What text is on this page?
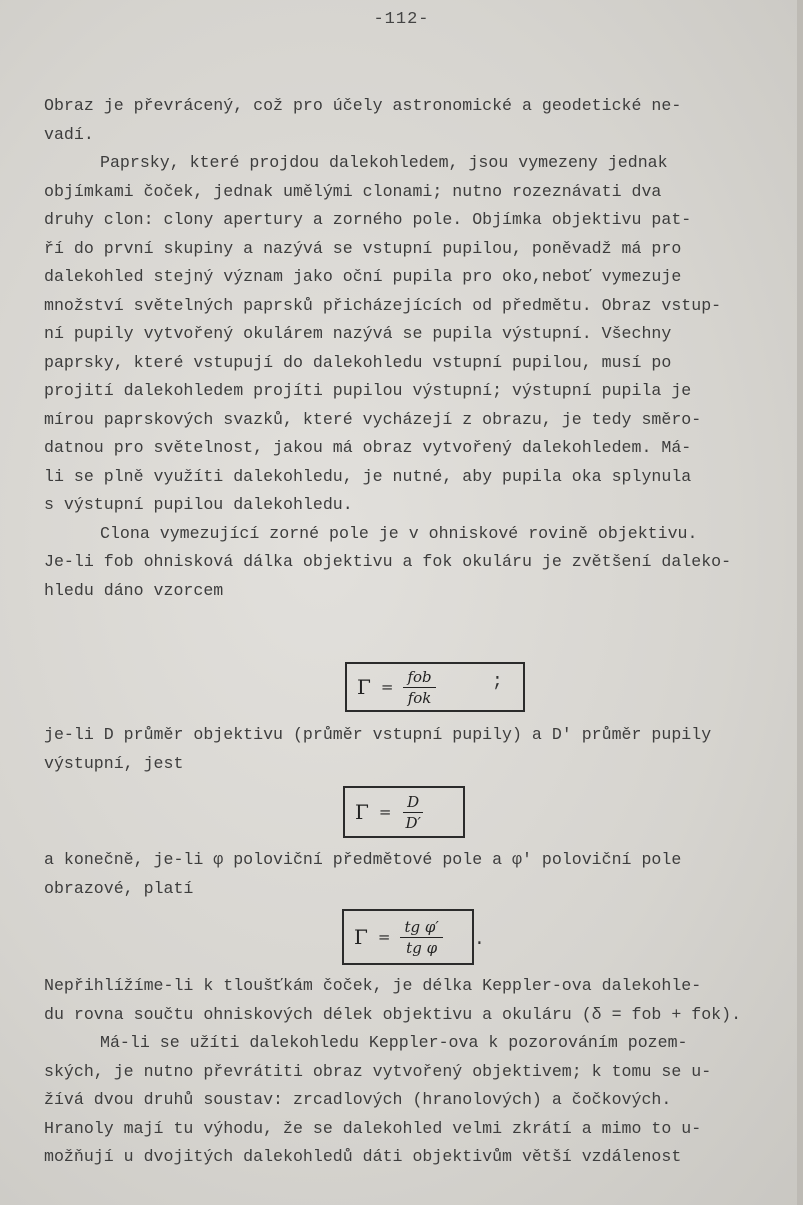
-112-
Obraz je převrácený, což pro účely astronomické a geodetické ne-
vadí.
Paprsky, které projdou dalekohledem, jsou vymezeny jednak
objímkami čoček, jednak umělými clonami; nutno rozeznávati dva
druhy clon: clony apertury a zorného pole. Objímka objektivu pat-
ří do první skupiny a nazývá se vstupní pupilou, poněvadž má pro
dalekohled stejný význam jako oční pupila pro oko,neboť vymezuje
množství světelných paprsků přicházejících od předmětu. Obraz vstup-
ní pupily vytvořený okulárem nazývá se pupila výstupní. Všechny
paprsky, které vstupují do dalekohledu vstupní pupilou, musí po
projití dalekohledem projíti pupilou výstupní; výstupní pupila je
mírou paprskových svazků, které vycházejí z obrazu, je tedy směro-
datnou pro světelnost, jakou má obraz vytvořený dalekohledem. Má-
li se plně využíti dalekohledu, je nutné, aby pupila oka splynula
s výstupní pupilou dalekohledu.
Clona vymezující zorné pole je v ohniskové rovině objektivu.
Je-li fob ohnisková dálka objektivu a fok okuláru je zvětšení daleko-
hledu dáno vzorcem
$\Gamma = \frac{\text{fob}}{\text{fok}}$	;
je-li D průměr objektivu (průměr vstupní pupily) a D′ průměr pupily
výstupní, jest
$\Gamma = \frac{D}{D'}$
a konečně, je-li φ poloviční předmětové pole a φ′ poloviční pole
obrazové, platí
$\Gamma = \frac{\text{tg φ′}}{\text{tg φ}}$ .
Nepřihlížíme-li k tloušťkám čoček, je délka Keppler-ova dalekohle-
du rovna součtu ohniskových délek objektivu a okuláru (δ = fob + fok).
Má-li se užíti dalekohledu Keppler-ova k pozorováním pozem-
ských, je nutno převrátiti obraz vytvořený objektivem; k tomu se u-
žívá dvou druhů soustav: zrcadlových (hranolových) a čočkových.
Hranoly mají tu výhodu, že se dalekohled velmi zkrátí a mimo to u-
možňují u dvojitých dalekohledů dáti objektivům větší vzdálenost
